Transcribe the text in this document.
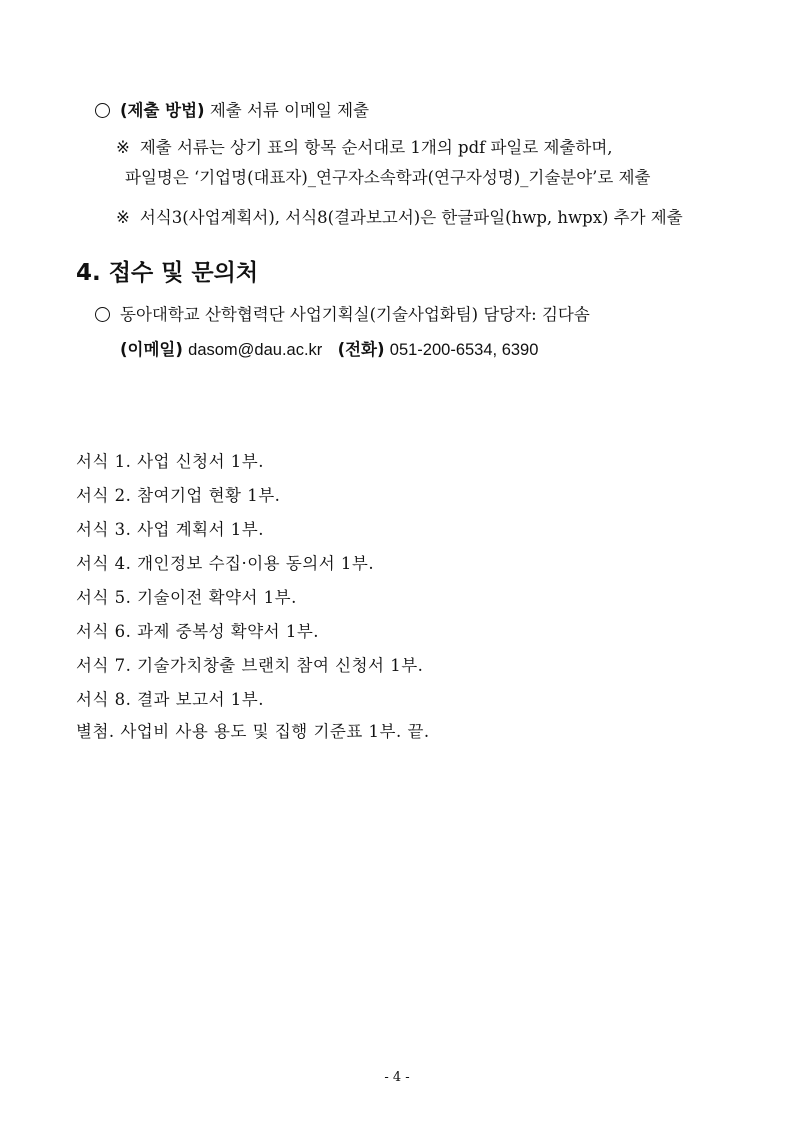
(제출 방법) 제출 서류 이메일 제출
※ 제출 서류는 상기 표의 항목 순서대로 1개의 pdf 파일로 제출하며,
파일명은 ‘기업명(대표자)_연구자소속학과(연구자성명)_기술분야’로 제출
※ 서식3(사업계획서), 서식8(결과보고서)은 한글파일(hwp, hwpx) 추가 제출
4. 접수 및 문의처
동아대학교 산학협력단 사업기획실(기술사업화팀) 담당자: 김다솜
(이메일) dasom@dau.ac.kr (전화) 051-200-6534, 6390
서식 1. 사업 신청서 1부.
서식 2. 참여기업 현황 1부.
서식 3. 사업 계획서 1부.
서식 4. 개인정보 수집·이용 동의서 1부.
서식 5. 기술이전 확약서 1부.
서식 6. 과제 중복성 확약서 1부.
서식 7. 기술가치창출 브랜치 참여 신청서 1부.
서식 8. 결과 보고서 1부.
별첨. 사업비 사용 용도 및 집행 기준표 1부. 끝.
- 4 -
